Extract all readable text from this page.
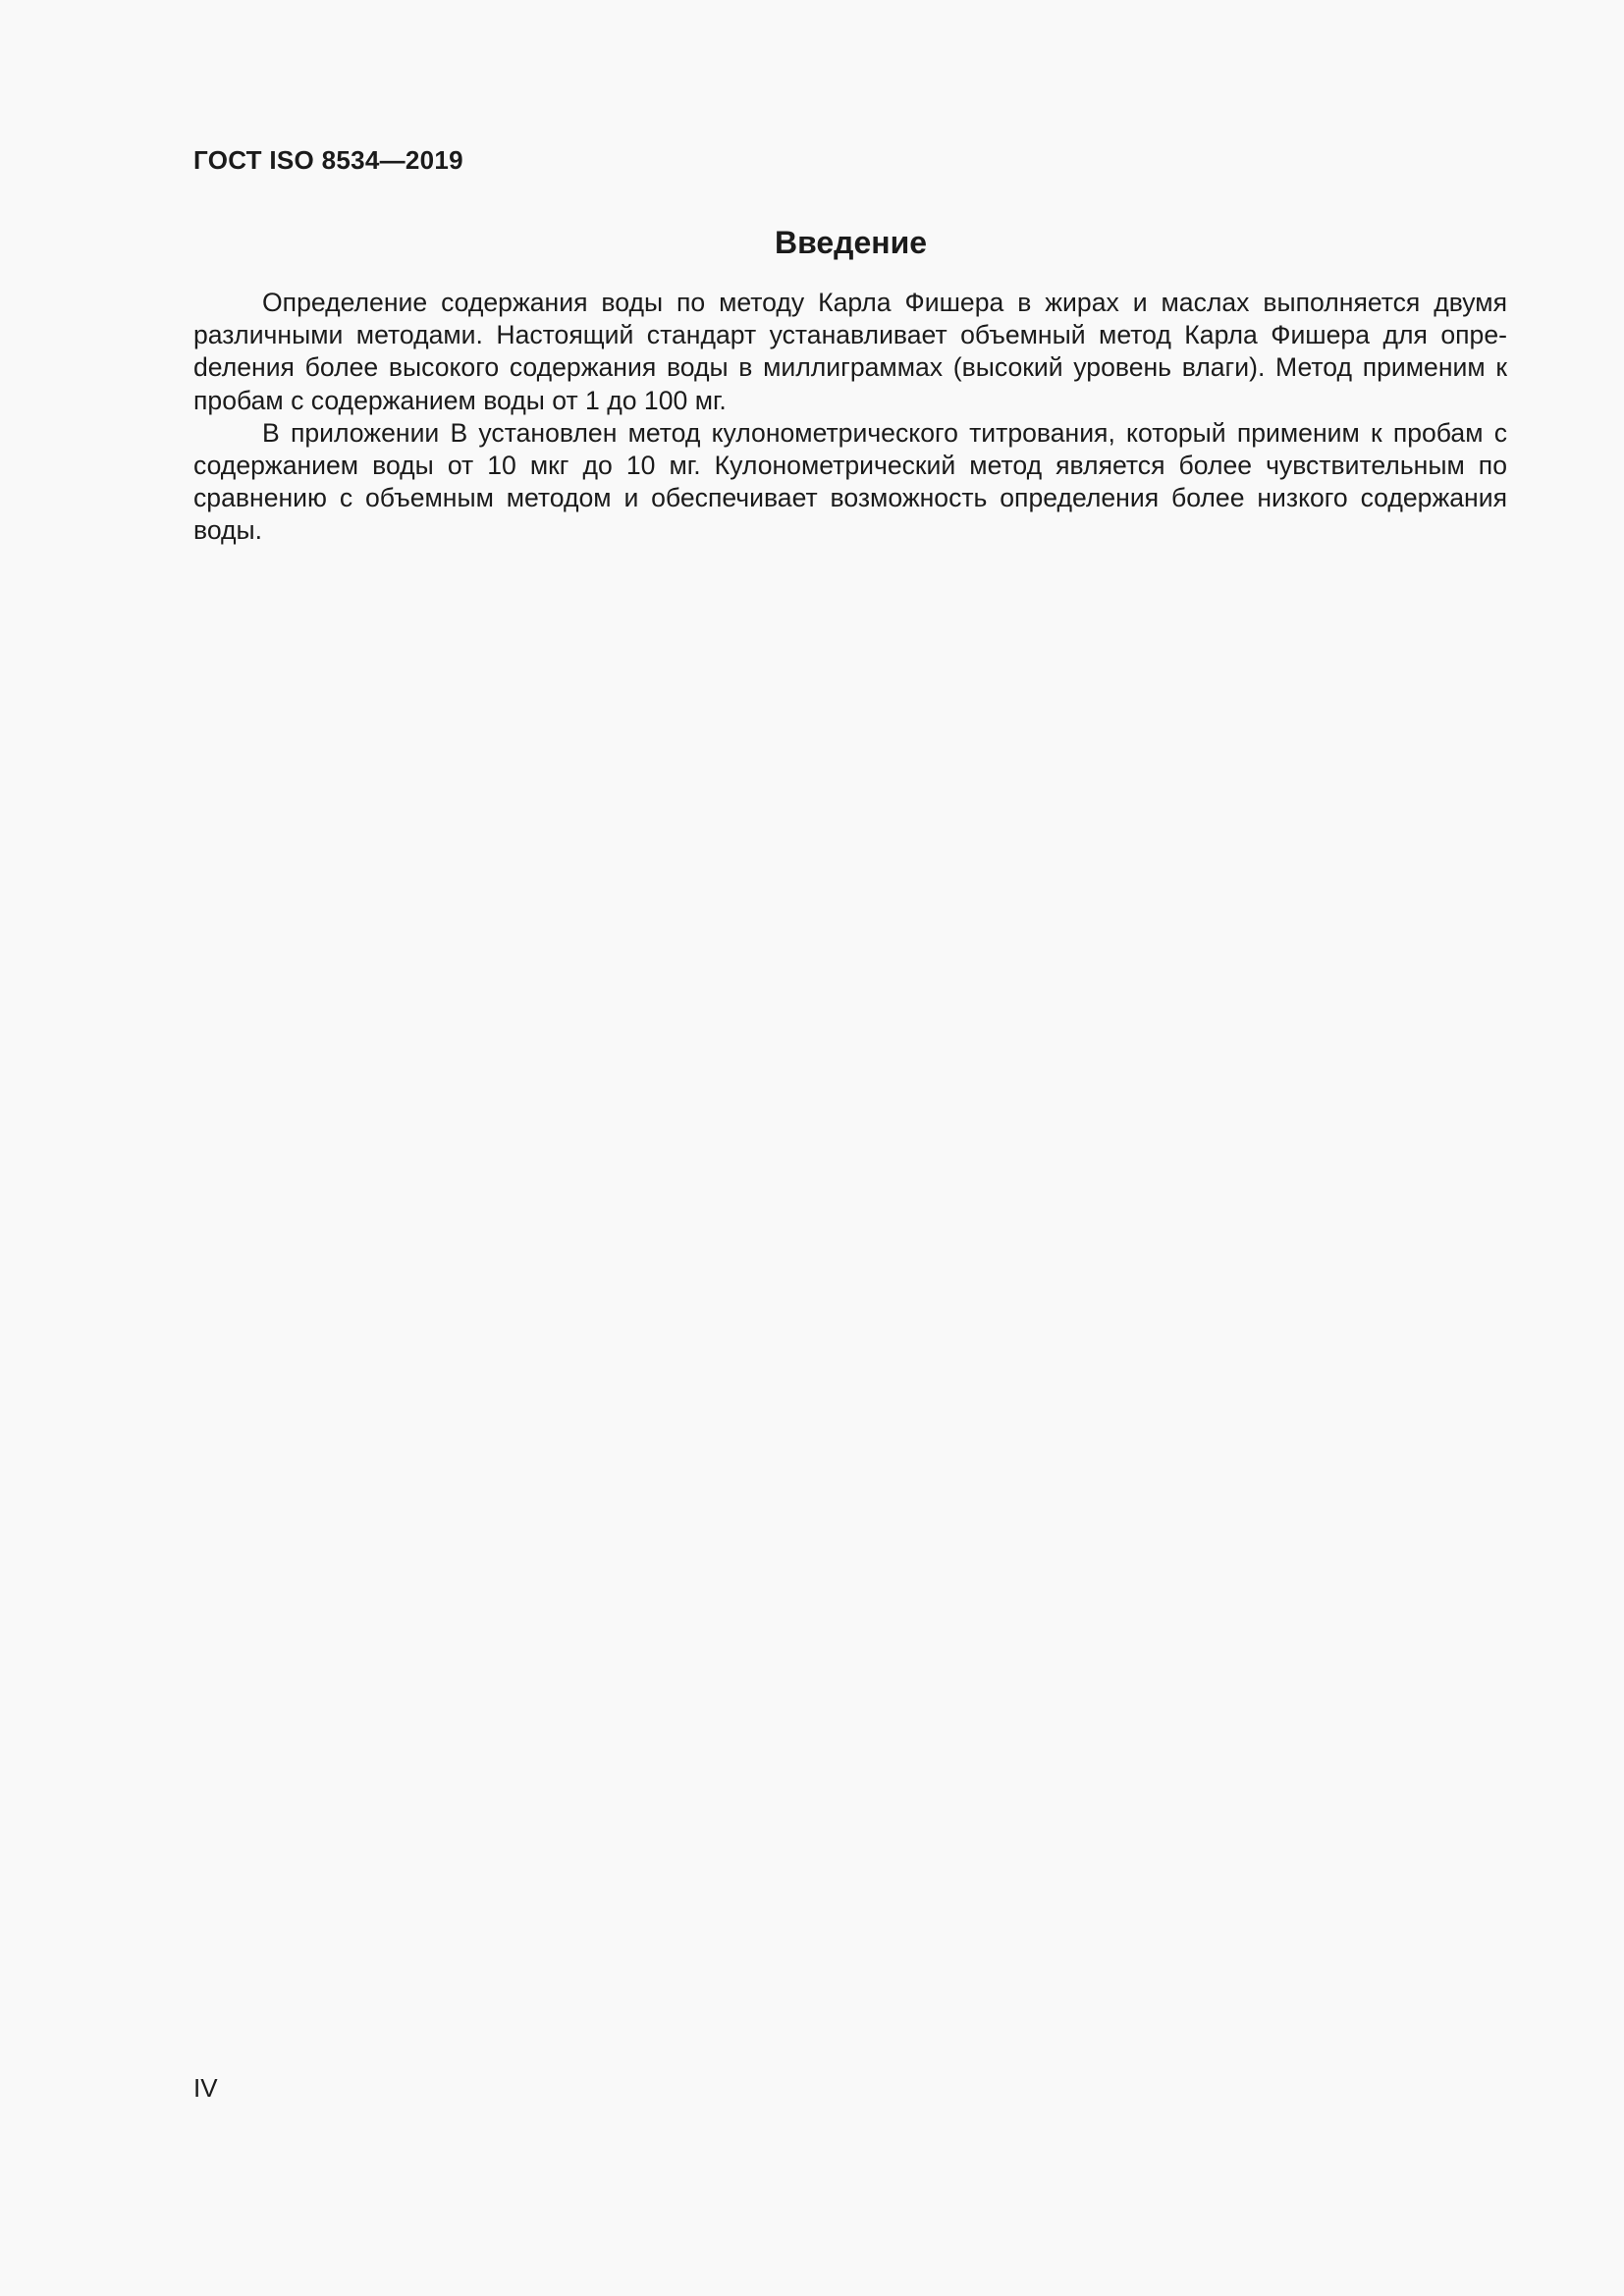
ГОСТ ISO 8534—2019
Введение

Определение содержания воды по методу Карла Фишера в жирах и маслах выполняется двумя различными методами. Настоящий стандарт устанавливает объемный метод Карла Фишера для опреdеления более высокого содержания воды в миллиграммах (высокий уровень влаги). Метод применим к пробам с содержанием воды от 1 до 100 мг.

В приложении В установлен метод кулонометрического титрования, который применим к пробам с содержанием воды от 10 мкг до 10 мг. Кулонометрический метод является более чувствительным по сравнению с объемным методом и обеспечивает возможность определения более низкого содержания воды.

IV
